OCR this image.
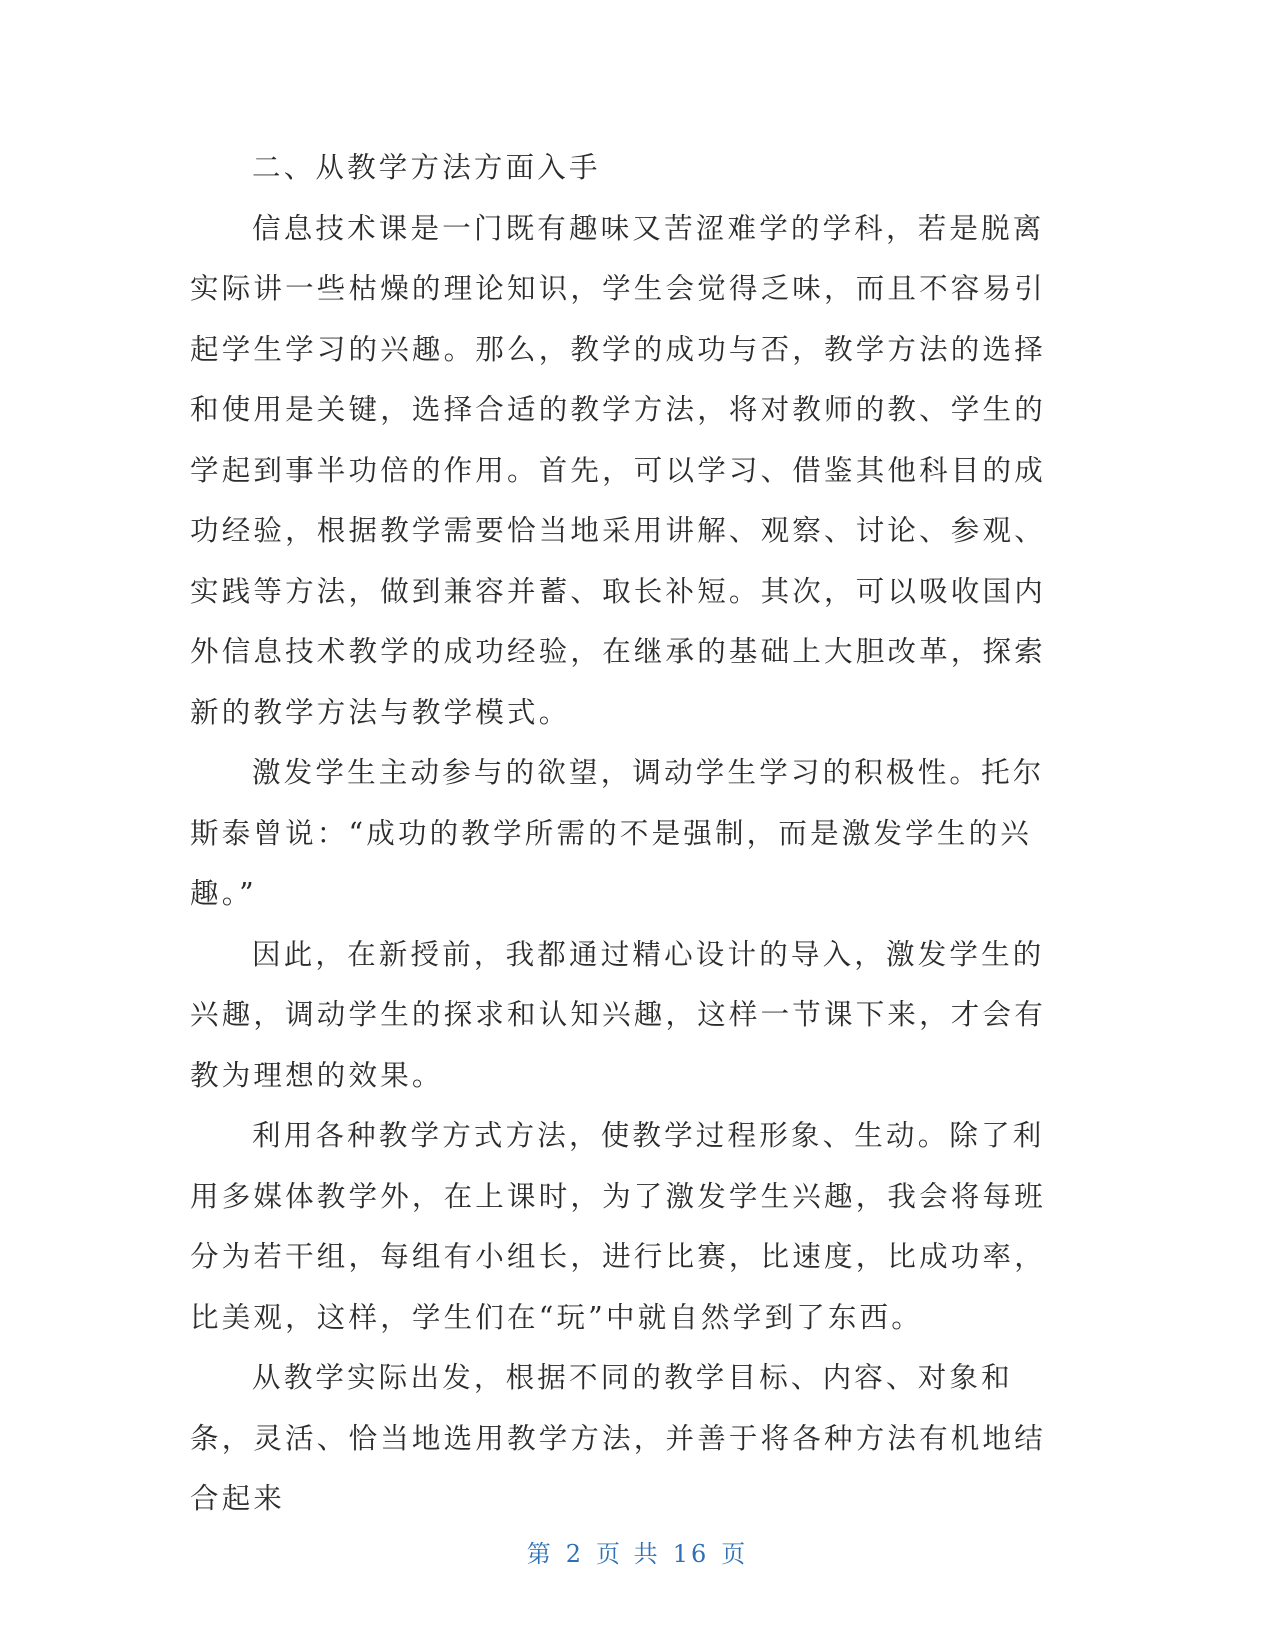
二、从教学方法方面入手

信息技术课是一门既有趣味又苦涩难学的学科，若是脱离实际讲一些枯燥的理论知识，学生会觉得乏味，而且不容易引起学生学习的兴趣。那么，教学的成功与否，教学方法的选择和使用是关键，选择合适的教学方法，将对教师的教、学生的学起到事半功倍的作用。首先，可以学习、借鉴其他科目的成功经验，根据教学需要恰当地采用讲解、观察、讨论、参观、实践等方法，做到兼容并蓄、取长补短。其次，可以吸收国内外信息技术教学的成功经验，在继承的基础上大胆改革，探索新的教学方法与教学模式。

激发学生主动参与的欲望，调动学生学习的积极性。托尔斯泰曾说：“成功的教学所需的不是强制，而是激发学生的兴趣。”

因此，在新授前，我都通过精心设计的导入，激发学生的兴趣，调动学生的探求和认知兴趣，这样一节课下来，才会有教为理想的效果。

利用各种教学方式方法，使教学过程形象、生动。除了利用多媒体教学外，在上课时，为了激发学生兴趣，我会将每班分为若干组，每组有小组长，进行比赛，比速度，比成功率，比美观，这样，学生们在“玩”中就自然学到了东西。

从教学实际出发，根据不同的教学目标、内容、对象和条，灵活、恰当地选用教学方法，并善于将各种方法有机地结合起来

第 2 页 共 16 页
